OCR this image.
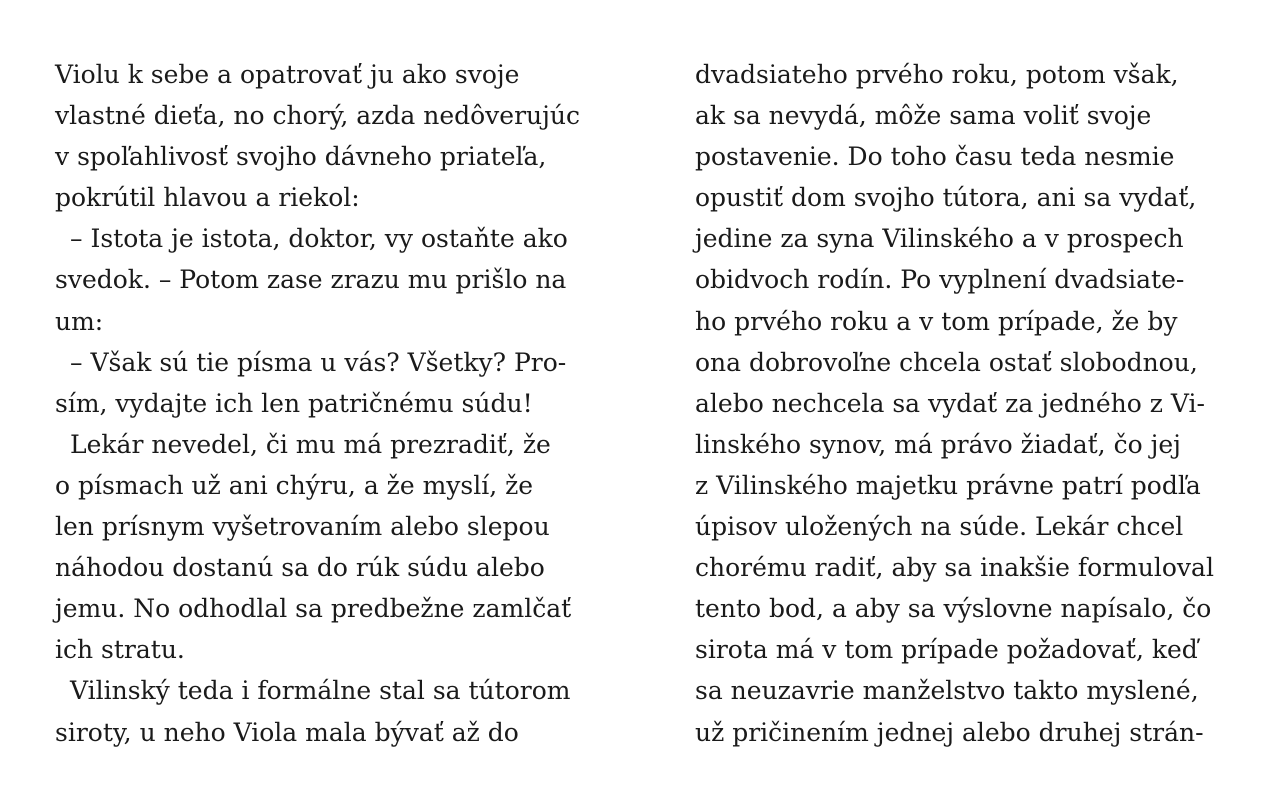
Violu k sebe a opatrovať ju ako svoje
vlastné dieťa, no chorý, azda nedôverujúc
v spoľahlivosť svojho dávneho priateľa,
pokrútil hlavou a riekol:
– Istota je istota, doktor, vy ostaňte ako
svedok. – Potom zase zrazu mu prišlo na
um:
– Však sú tie písma u vás? Všetky? Pro-
sím, vydajte ich len patričnému súdu!
Lekár nevedel, či mu má prezradiť, že
o písmach už ani chýru, a že myslí, že
len prísnym vyšetrovaním alebo slepou
náhodou dostanú sa do rúk súdu alebo
jemu. No odhodlal sa predbežne zamlčať
ich stratu.
Vilinský teda i formálne stal sa tútorom
siroty, u neho Viola mala bývať až do
dvadsiateho prvého roku, potom však,
ak sa nevydá, môže sama voliť svoje
postavenie. Do toho času teda nesmie
opustiť dom svojho tútora, ani sa vydať,
jedine za syna Vilinského a v prospech
obidvoch rodín. Po vyplnení dvadsiate-
ho prvého roku a v tom prípade, že by
ona dobrovoľne chcela ostať slobodnou,
alebo nechcela sa vydať za jedného z Vi-
linského synov, má právo žiadať, čo jej
z Vilinského majetku právne patrí podľa
úpisov uložených na súde. Lekár chcel
chorému radiť, aby sa inakšie formuloval
tento bod, a aby sa výslovne napísalo, čo
sirota má v tom prípade požadovať, keď
sa neuzavrie manželstvo takto myslené,
už pričinením jednej alebo druhej strán-
